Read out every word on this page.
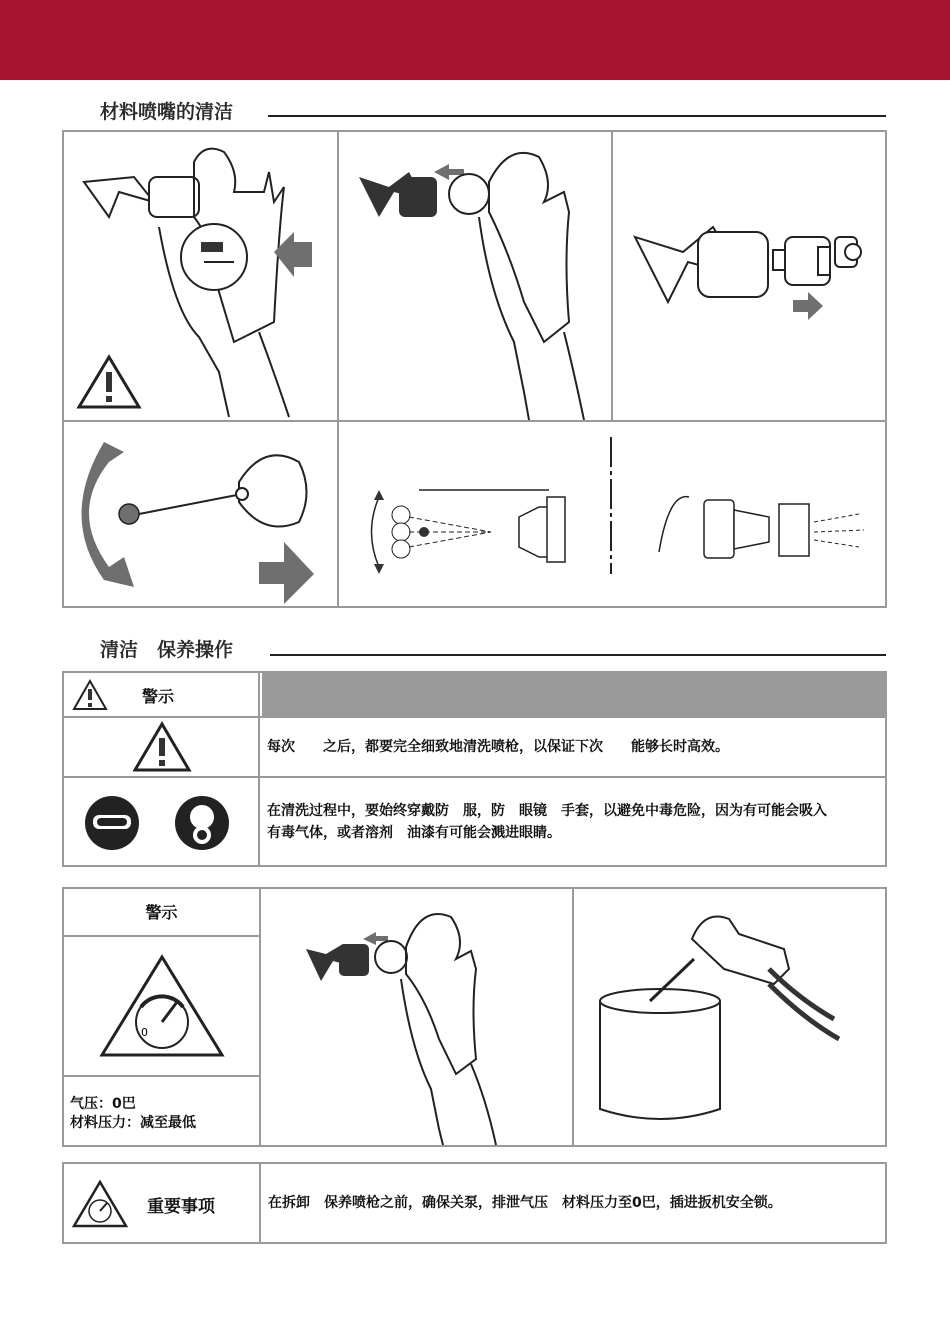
材料喷嘴的清洁
清洁　保养操作
警示
每次　　之后，都要完全细致地清洗喷枪，以保证下次　　能够长时高效。
在清洗过程中，要始终穿戴防　服，防　眼镜　手套，以避免中毒危险，因为有可能会吸入
有毒气体，或者溶剂　油漆有可能会溅进眼睛。
警示
0
气压：0巴
材料压力：减至最低
重要事项	在拆卸　保养喷枪之前，确保关泵，排泄气压　材料压力至0巴，插进扳机安全锁。
